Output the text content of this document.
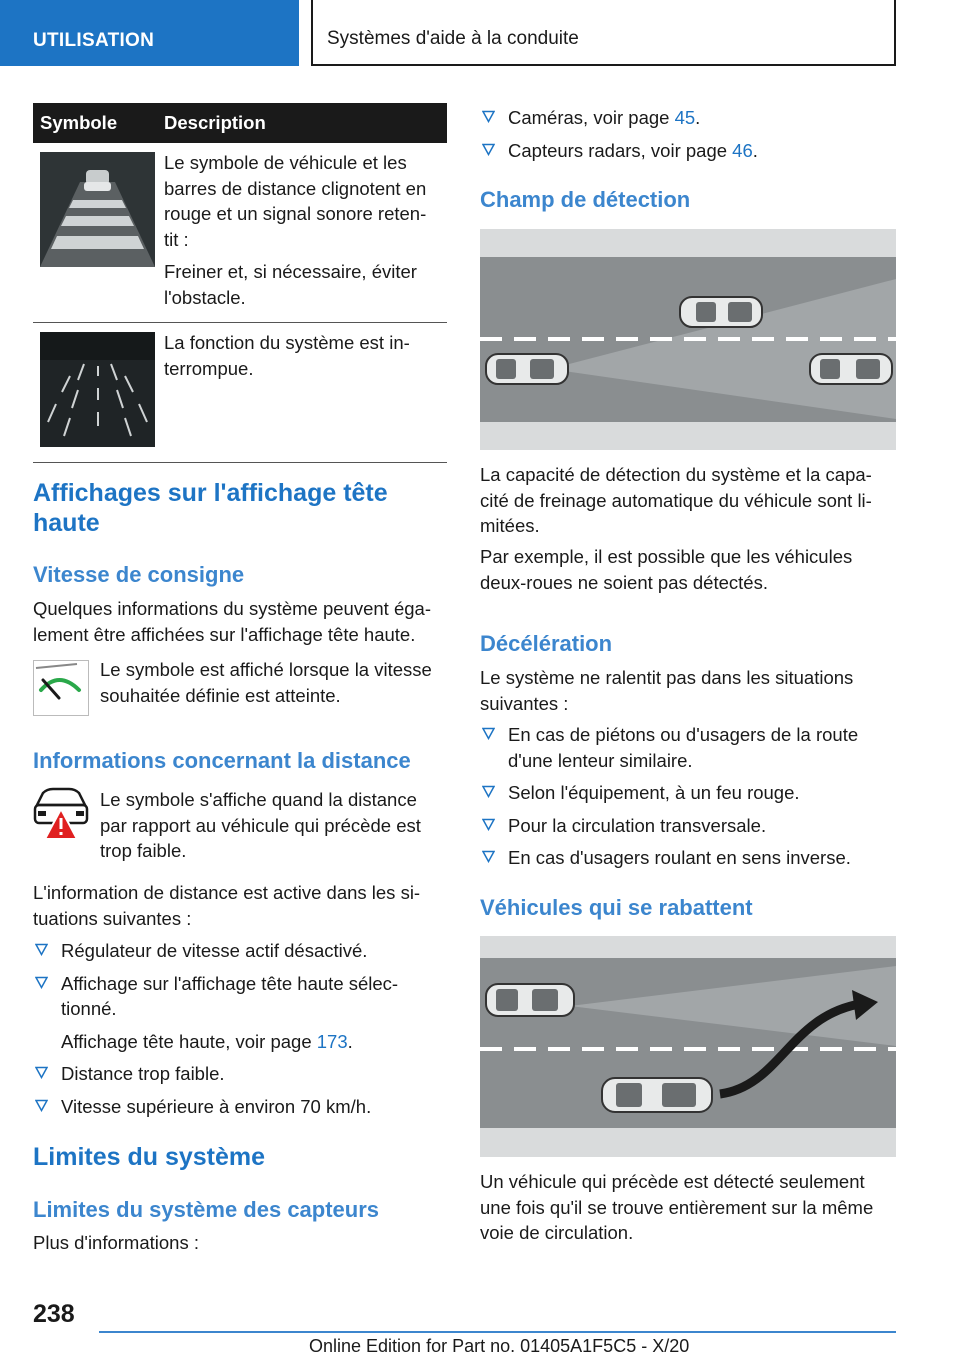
UTILISATION	Systèmes d'aide à la conduite
Symbole	Description

Le symbole de véhicule et les barres de distance clignotent en rouge et un signal sonore reten-tit :

Freiner et, si nécessaire, éviter l'obstacle.

La fonction du système est in-terrompue.

Affichages sur l'affichage tête haute
Vitesse de consigne

Quelques informations du système peuvent éga-lement être affichées sur l'affichage tête haute.

Le symbole est affiché lorsque la vitesse souhaitée définie est atteinte.

Informations concernant la distance

Le symbole s'affiche quand la distance par rapport au véhicule qui précède est trop faible.

L'information de distance est active dans les si-tuations suivantes :

Régulateur de vitesse actif désactivé.
Affichage sur l'affichage tête haute sélec-tionné.
Affichage tête haute, voir page 173.
Distance trop faible.
Vitesse supérieure à environ 70 km/h.
Limites du système
Limites du système des capteurs

Plus d'informations :

Caméras, voir page 45.
Capteurs radars, voir page 46.
Champ de détection

La capacité de détection du système et la capa-cité de freinage automatique du véhicule sont li-mitées.

Par exemple, il est possible que les véhicules deux-roues ne soient pas détectés.

Décélération

Le système ne ralentit pas dans les situations suivantes :

En cas de piétons ou d'usagers de la route d'une lenteur similaire.
Selon l'équipement, à un feu rouge.
Pour la circulation transversale.
En cas d'usagers roulant en sens inverse.
Véhicules qui se rabattent

Un véhicule qui précède est détecté seulement une fois qu'il se trouve entièrement sur la même voie de circulation.

238
Online Edition for Part no. 01405A1F5C5 - X/20
